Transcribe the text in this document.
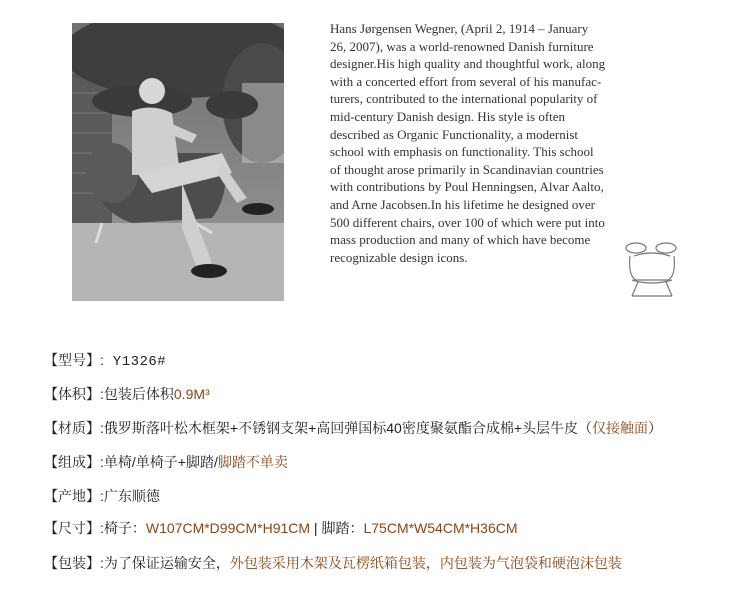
Hans Jørgensen Wegner, (April 2, 1914 – January
26, 2007), was a world-renowned Danish furniture
designer.His high quality and thoughtful work, along
with a concerted effort from several of his manufac-
turers, contributed to the international popularity of
mid-century Danish design. His style is often
described as Organic Functionality, a modernist
school with emphasis on functionality. This school
of thought arose primarily in Scandinavian countries
with contributions by Poul Henningsen, Alvar Aalto,
and Arne Jacobsen.In his lifetime he designed over
500 different chairs, over 100 of which were put into
mass production and many of which have become
recognizable design icons.
【型号】: Y1326#
【体积】:包装后体积0.9M³
【材质】:俄罗斯落叶松木框架+不锈钢支架+高回弹国标40密度聚氨酯合成棉+头层牛皮（仅接触面）
【组成】:单椅/单椅子+脚踏/脚踏不单卖
【产地】:广东顺德
【尺寸】:椅子：W107CM*D99CM*H91CM | 脚踏：L75CM*W54CM*H36CM
【包装】:为了保证运输安全，外包装采用木架及瓦楞纸箱包装，内包装为气泡袋和硬泡沫包装
